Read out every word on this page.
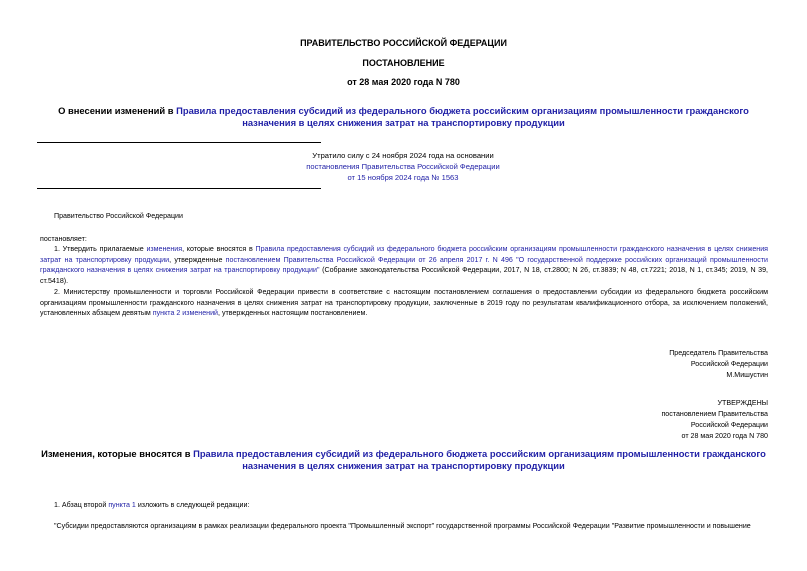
ПРАВИТЕЛЬСТВО РОССИЙСКОЙ ФЕДЕРАЦИИ
ПОСТАНОВЛЕНИЕ
от 28 мая 2020 года N 780
О внесении изменений в Правила предоставления субсидий из федерального бюджета российским организациям промышленности гражданского назначения в целях снижения затрат на транспортировку продукции
Утратило силу с 24 ноября 2024 года на основании
постановления Правительства Российской Федерации
от 15 ноября 2024 года № 1563
Правительство Российской Федерации
постановляет:
1. Утвердить прилагаемые изменения, которые вносятся в Правила предоставления субсидий из федерального бюджета российским организациям промышленности гражданского назначения в целях снижения затрат на транспортировку продукции, утвержденные постановлением Правительства Российской Федерации от 26 апреля 2017 г. N 496 "О государственной поддержке российских организаций промышленности гражданского назначения в целях снижения затрат на транспортировку продукции" (Собрание законодательства Российской Федерации, 2017, N 18, ст.2800; N 26, ст.3839; N 48, ст.7221; 2018, N 1, ст.345; 2019, N 39, ст.5418).
2. Министерству промышленности и торговли Российской Федерации привести в соответствие с настоящим постановлением соглашения о предоставлении субсидии из федерального бюджета российским организациям промышленности гражданского назначения в целях снижения затрат на транспортировку продукции, заключенные в 2019 году по результатам квалификационного отбора, за исключением положений, установленных абзацем девятым пункта 2 изменений, утвержденных настоящим постановлением.
Председатель Правительства
Российской Федерации
М.Мишустин
УТВЕРЖДЕНЫ
постановлением Правительства
Российской Федерации
от 28 мая 2020 года N 780
Изменения, которые вносятся в Правила предоставления субсидий из федерального бюджета российским организациям промышленности гражданского назначения в целях снижения затрат на транспортировку продукции
1. Абзац второй пункта 1 изложить в следующей редакции:
"Субсидии предоставляются организациям в рамках реализации федерального проекта "Промышленный экспорт" государственной программы Российской Федерации "Развитие промышленности и повышение
